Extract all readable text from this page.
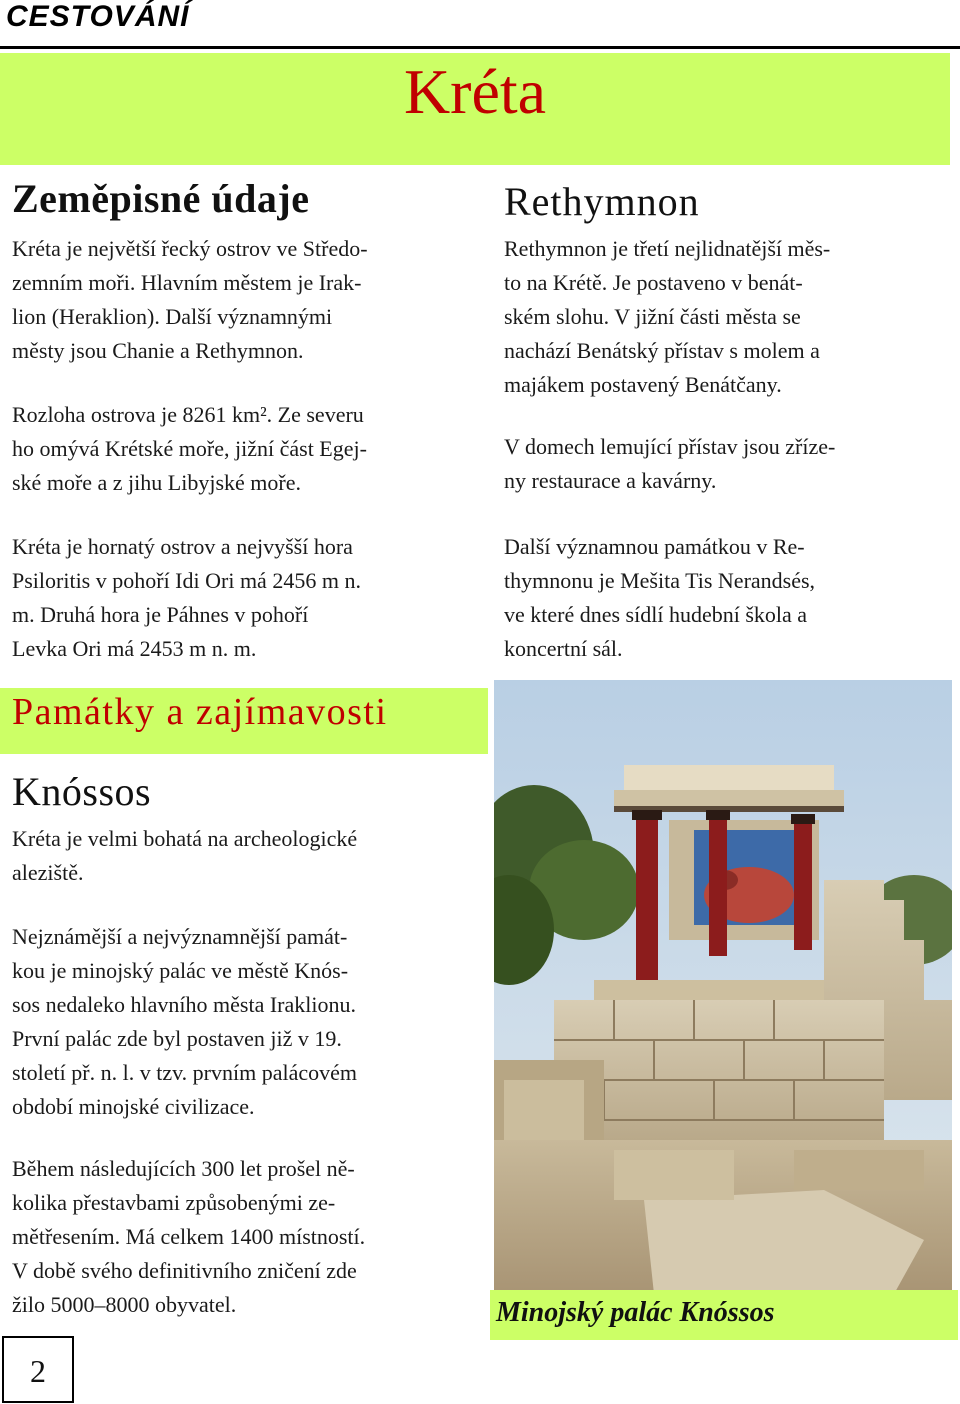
CESTOVÁNÍ
Kréta
Zeměpisné údaje

Kréta je největší řecký ostrov ve Středo-
zemním moři. Hlavním městem je Irak-
lion (Heraklion). Další významnými
městy jsou Chanie a Rethymnon.

Rozloha ostrova je 8261 km². Ze severu
ho omývá Krétské moře, jižní část Egej-
ské moře a z jihu Libyjské moře.

Kréta je hornatý ostrov a nejvyšší hora
Psiloritis v pohoří Idi Ori má 2456 m n.
m. Druhá hora je Páhnes v pohoří
Levka Ori má 2453 m n. m.

Památky a zajímavosti
Knóssos

Kréta je velmi bohatá na archeologické
aleziště.

Nejznámější a nejvýznamnější památ-
kou je minojský palác ve městě Knós-
sos nedaleko hlavního města Iraklionu.
První palác zde byl postaven již v 19.
století př. n. l. v tzv. prvním palácovém
období minojské civilizace.

Během následujících 300 let prošel ně-
kolika přestavbami způsobenými ze-
mětřesením. Má celkem 1400 místností.
V době svého definitivního zničení zde
žilo 5000–8000 obyvatel.

Rethymnon

Rethymnon je třetí nejlidnatější měs-
to na Krétě. Je postaveno v benát-
ském slohu. V jižní části města se
nachází Benátský přístav s molem a
majákem postavený Benátčany.

V domech lemující přístav jsou zříze-
ny restaurace a kavárny.

Další významnou památkou v Re-
thymnonu je Mešita Tis Nerandsés,
ve které dnes sídlí hudební škola a
koncertní sál.

Minojský palác Knóssos
2
